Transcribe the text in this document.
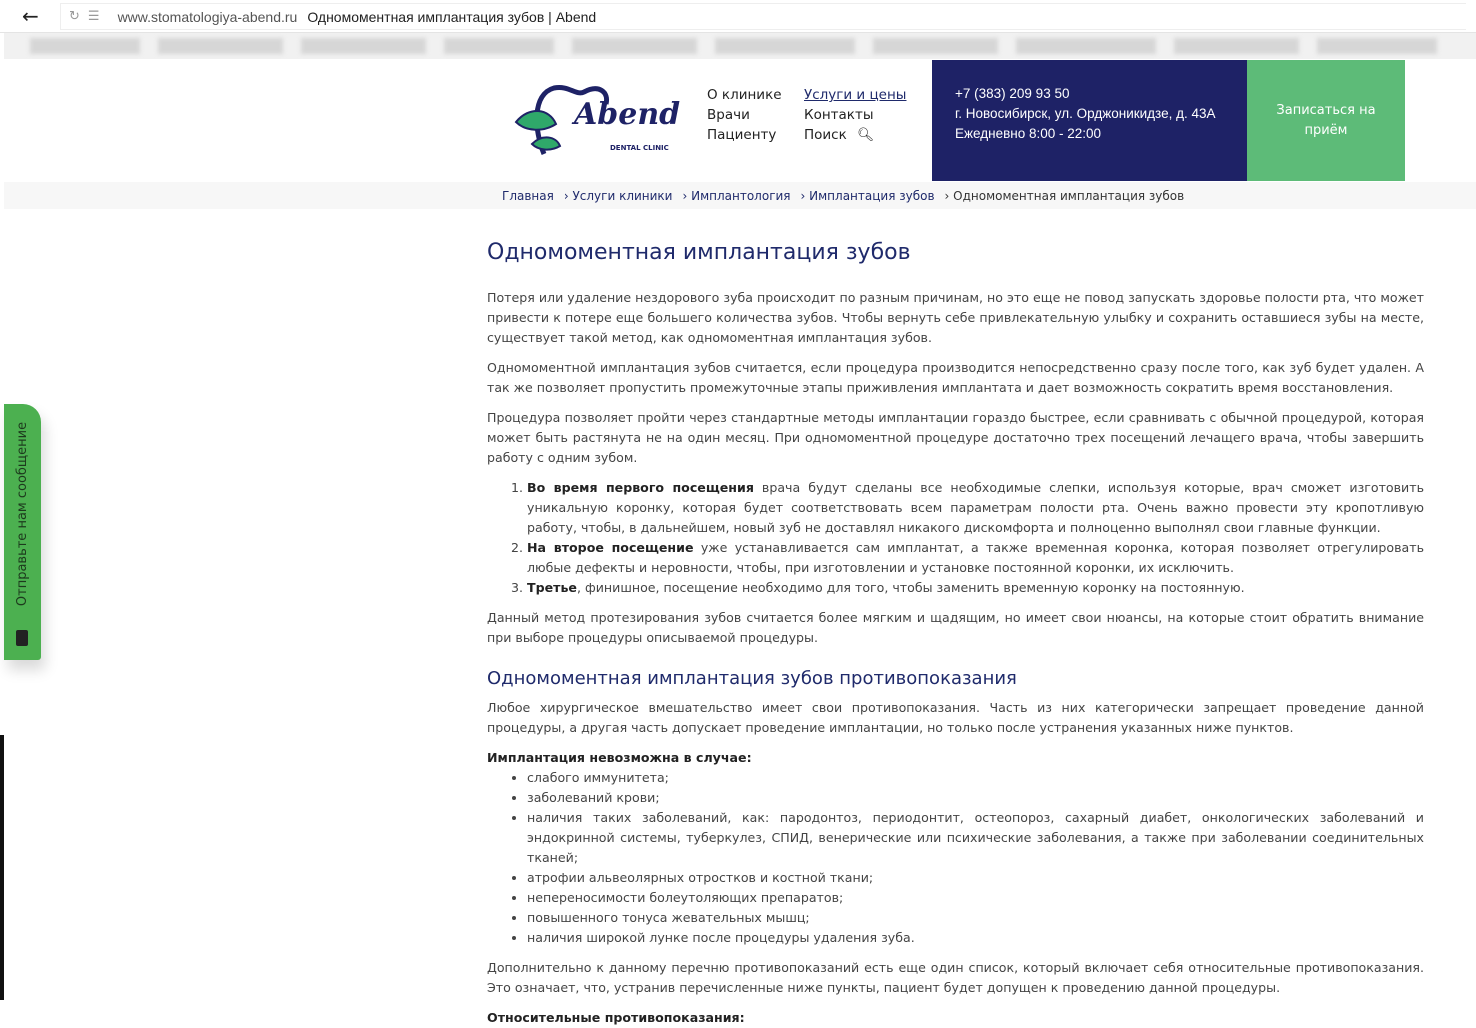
← ↻ ☰ www.stomatologiya-abend.ru Одномоментная имплантация зубов | Abend
Abend
DENTAL CLINIC
О клинике
Врачи
Пациенту
Услуги и цены
Контакты
Поиск 🔍︎
+7 (383) 209 93 50
г. Новосибирск, ул. Орджоникидзе, д. 43А
Ежедневно 8:00 - 22:00
Записаться на приём
Главная › Услуги клиники › Имплантология › Имплантация зубов › Одномоментная имплантация зубов
Отправьте нам сообщение
Одномоментная имплантация зубов

Потеря или удаление нездорового зуба происходит по разным причинам, но это еще не повод запускать здоровье полости рта, что может привести к потере еще большего количества зубов. Чтобы вернуть себе привлекательную улыбку и сохранить оставшиеся зубы на месте, существует такой метод, как одномоментная имплантация зубов.

Одномоментной имплантация зубов считается, если процедура производится непосредственно сразу после того, как зуб будет удален. А так же позволяет пропустить промежуточные этапы приживления имплантата и дает возможность сократить время восстановления.

Процедура позволяет пройти через стандартные методы имплантации гораздо быстрее, если сравнивать с обычной процедурой, которая может быть растянута не на один месяц. При одномоментной процедуре достаточно трех посещений лечащего врача, чтобы завершить работу с одним зубом.

1. Во время первого посещения врача будут сделаны все необходимые слепки, используя которые, врач сможет изготовить уникальную коронку, которая будет соответствовать всем параметрам полости рта. Очень важно провести эту кропотливую работу, чтобы, в дальнейшем, новый зуб не доставлял никакого дискомфорта и полноценно выполнял свои главные функции.
2. На второе посещение уже устанавливается сам имплантат, а также временная коронка, которая позволяет отрегулировать любые дефекты и неровности, чтобы, при изготовлении и установке постоянной коронки, их исключить.
3. Третье, финишное, посещение необходимо для того, чтобы заменить временную коронку на постоянную.

Данный метод протезирования зубов считается более мягким и щадящим, но имеет свои нюансы, на которые стоит обратить внимание при выборе процедуры описываемой процедуры.

Одномоментная имплантация зубов противопоказания

Любое хирургическое вмешательство имеет свои противопоказания. Часть из них категорически запрещает проведение данной процедуры, а другая часть допускает проведение имплантации, но только после устранения указанных ниже пунктов.

Имплантация невозможна в случае:

• слабого иммунитета;
• заболеваний крови;
• наличия таких заболеваний, как: пародонтоз, периодонтит, остеопороз, сахарный диабет, онкологических заболеваний и эндокринной системы, туберкулез, СПИД, венерические или психические заболевания, а также при заболевании соединительных тканей;
• атрофии альвеолярных отростков и костной ткани;
• непереносимости болеутоляющих препаратов;
• повышенного тонуса жевательных мышц;
• наличия широкой лунке после процедуры удаления зуба.

Дополнительно к данному перечню противопоказаний есть еще один список, который включает себя относительные противопоказания. Это означает, что, устранив перечисленные ниже пункты, пациент будет допущен к проведению данной процедуры.

Относительные противопоказания:
